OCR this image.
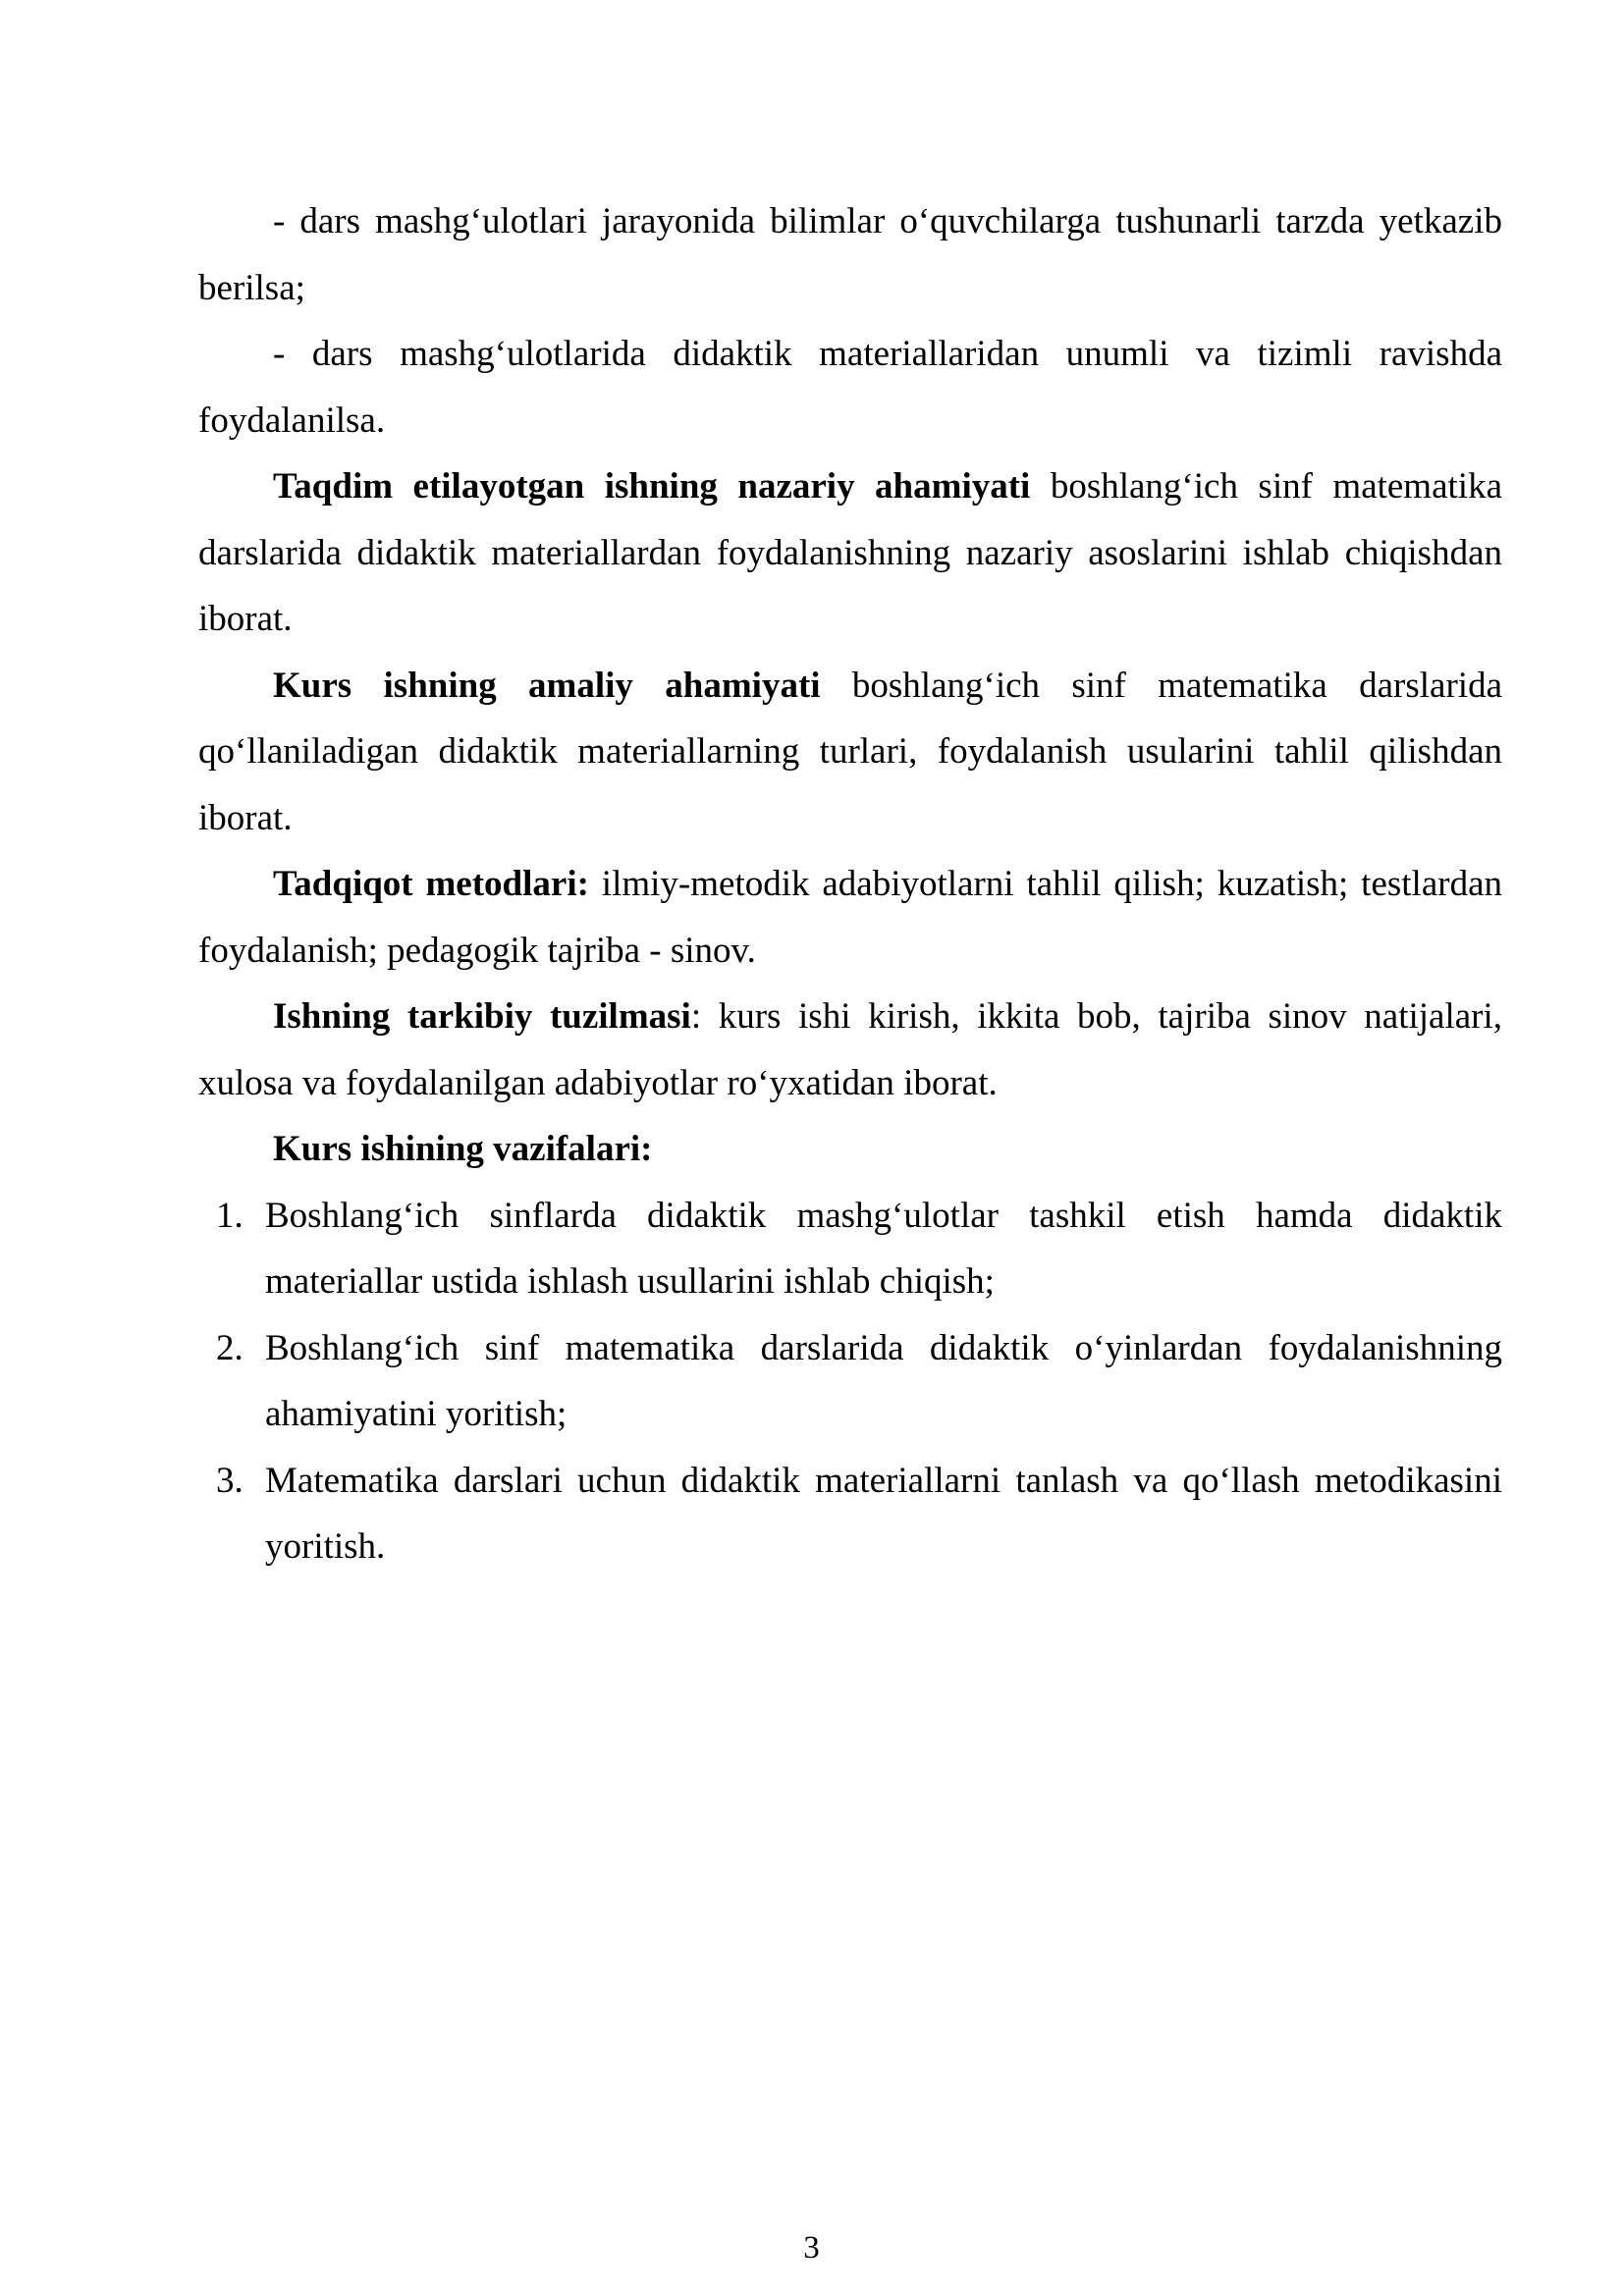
- dars mashg‘ulotlari jarayonida bilimlar o‘quvchilarga tushunarli tarzda yetkazib berilsa;

- dars mashg‘ulotlarida didaktik materiallaridan unumli va tizimli ravishda foydalanilsa.

Taqdim etilayotgan ishning nazariy ahamiyati boshlang‘ich sinf matematika darslarida didaktik materiallardan foydalanishning nazariy asoslarini ishlab chiqishdan iborat.

Kurs ishning amaliy ahamiyati boshlang‘ich sinf matematika darslarida qo‘llaniladigan didaktik materiallarning turlari, foydalanish usularini tahlil qilishdan iborat.

Tadqiqot metodlari: ilmiy-metodik adabiyotlarni tahlil qilish; kuzatish; testlardan foydalanish; pedagogik tajriba - sinov.

Ishning tarkibiy tuzilmasi: kurs ishi kirish, ikkita bob, tajriba sinov natijalari, xulosa va foydalanilgan adabiyotlar ro‘yxatidan iborat.

Kurs ishining vazifalari:

1. Boshlang‘ich sinflarda didaktik mashg‘ulotlar tashkil etish hamda didaktik materiallar ustida ishlash usullarini ishlab chiqish;
2. Boshlang‘ich sinf matematika darslarida didaktik o‘yinlardan foydalanishning ahamiyatini yoritish;
3. Matematika darslari uchun didaktik materiallarni tanlash va qo‘llash metodikasini yoritish.
3
